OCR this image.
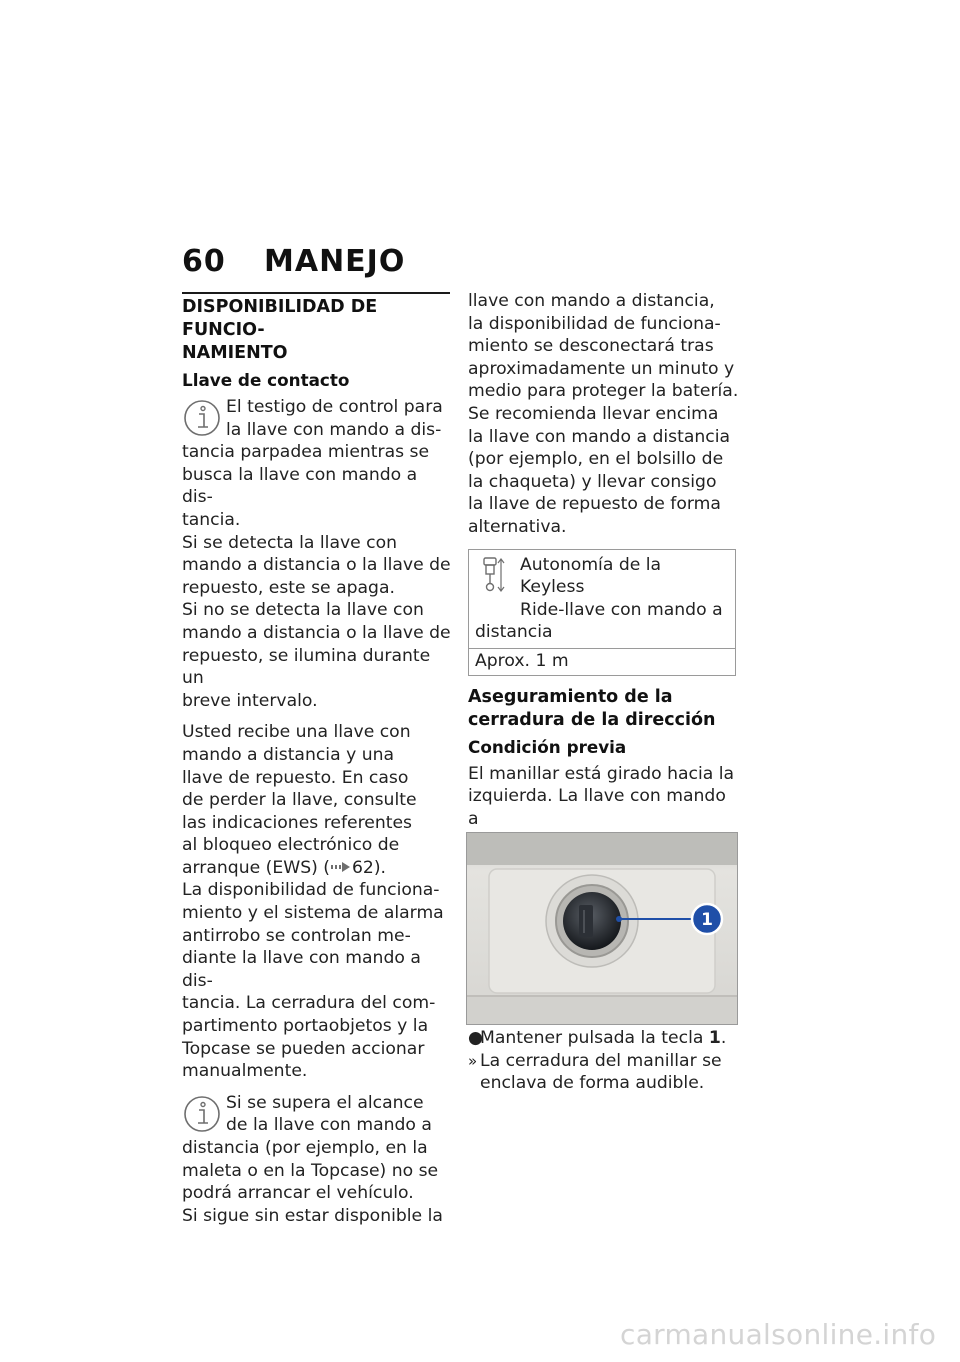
60 MANEJO

DISPONIBILIDAD DE FUNCIO-
NAMIENTO

Llave de contacto

El testigo de control para

la llave con mando a dis-

tancia parpadea mientras se
busca la llave con mando a dis-
tancia.
Si se detecta la llave con
mando a distancia o la llave de
repuesto, este se apaga.
Si no se detecta la llave con
mando a distancia o la llave de
repuesto, se ilumina durante un
breve intervalo.

Usted recibe una llave con
mando a distancia y una
llave de repuesto. En caso
de perder la llave, consulte
las indicaciones referentes
al bloqueo electrónico de
arranque (EWS) ( 62).

La disponibilidad de funciona-
miento y el sistema de alarma
antirrobo se controlan me-
diante la llave con mando a dis-
tancia. La cerradura del com-
partimento portaobjetos y la
Topcase se pueden accionar
manualmente.

Si se supera el alcance

de la llave con mando a

distancia (por ejemplo, en la
maleta o en la Topcase) no se
podrá arrancar el vehículo.
Si sigue sin estar disponible la

llave con mando a distancia,
la disponibilidad de funciona-
miento se desconectará tras
aproximadamente un minuto y
medio para proteger la batería.
Se recomienda llevar encima
la llave con mando a distancia
(por ejemplo, en el bolsillo de
la chaqueta) y llevar consigo
la llave de repuesto de forma
alternativa.

Autonomía de la Keyless
Ride-llave con mando a
distancia
Aprox. 1 m

Aseguramiento de la
cerradura de la dirección

Condición previa

El manillar está girado hacia la
izquierda. La llave con mando a

1
●
Mantener pulsada la tecla 1.
» La cerradura del manillar se
enclava de forma audible.
carmanualsonline.info
